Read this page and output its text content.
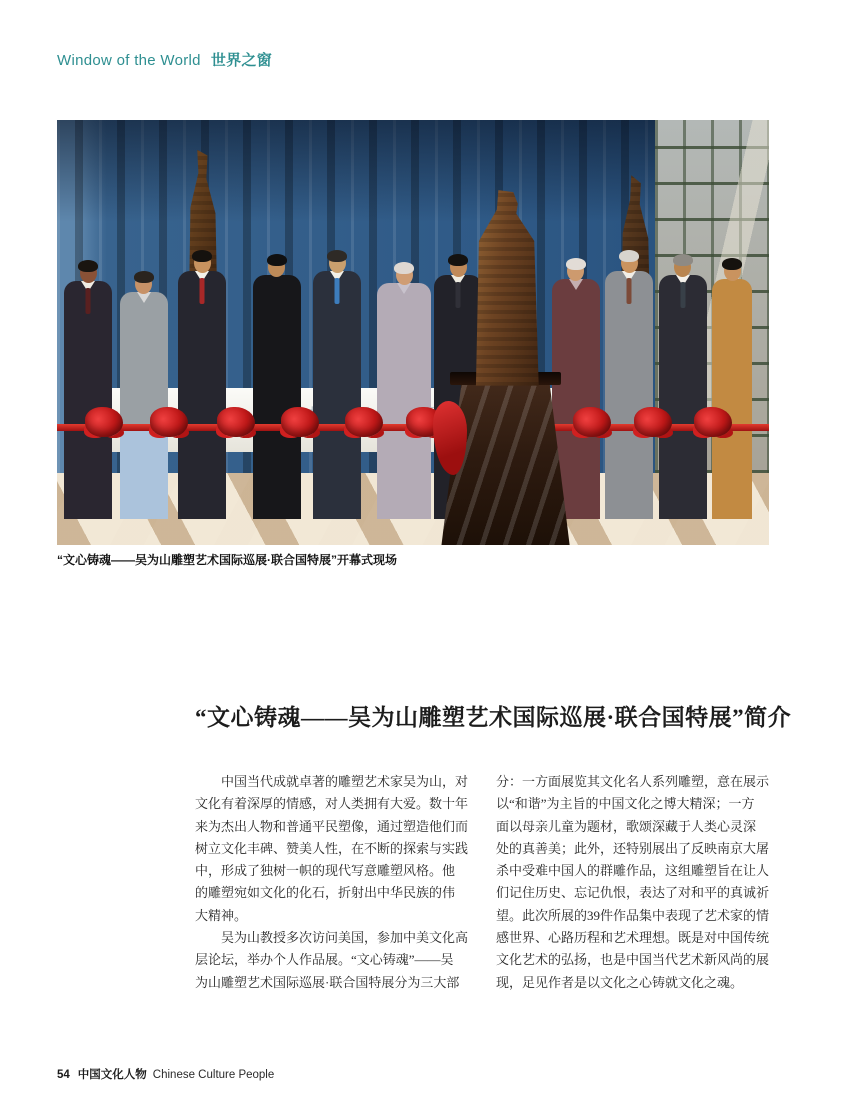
Window of the World 世界之窗
“文心铸魂——吴为山雕塑艺术国际巡展·联合国特展”开幕式现场
“文心铸魂——吴为山雕塑艺术国际巡展·联合国特展”简介
中国当代成就卓著的雕塑艺术家吴为山，对
文化有着深厚的情感，对人类拥有大爱。数十年
来为杰出人物和普通平民塑像，通过塑造他们而
树立文化丰碑、赞美人性，在不断的探索与实践
中，形成了独树一帜的现代写意雕塑风格。他
的雕塑宛如文化的化石，折射出中华民族的伟
大精神。
吴为山教授多次访问美国，参加中美文化高
层论坛，举办个人作品展。“文心铸魂”——吴
为山雕塑艺术国际巡展·联合国特展分为三大部
分：一方面展览其文化名人系列雕塑，意在展示
以“和谐”为主旨的中国文化之博大精深；一方
面以母亲儿童为题材，歌颂深藏于人类心灵深
处的真善美；此外，还特别展出了反映南京大屠
杀中受难中国人的群雕作品，这组雕塑旨在让人
们记住历史、忘记仇恨，表达了对和平的真诚祈
望。此次所展的39件作品集中表现了艺术家的情
感世界、心路历程和艺术理想。既是对中国传统
文化艺术的弘扬，也是中国当代艺术新风尚的展
现，足见作者是以文化之心铸就文化之魂。
54 中国文化人物 Chinese Culture People
